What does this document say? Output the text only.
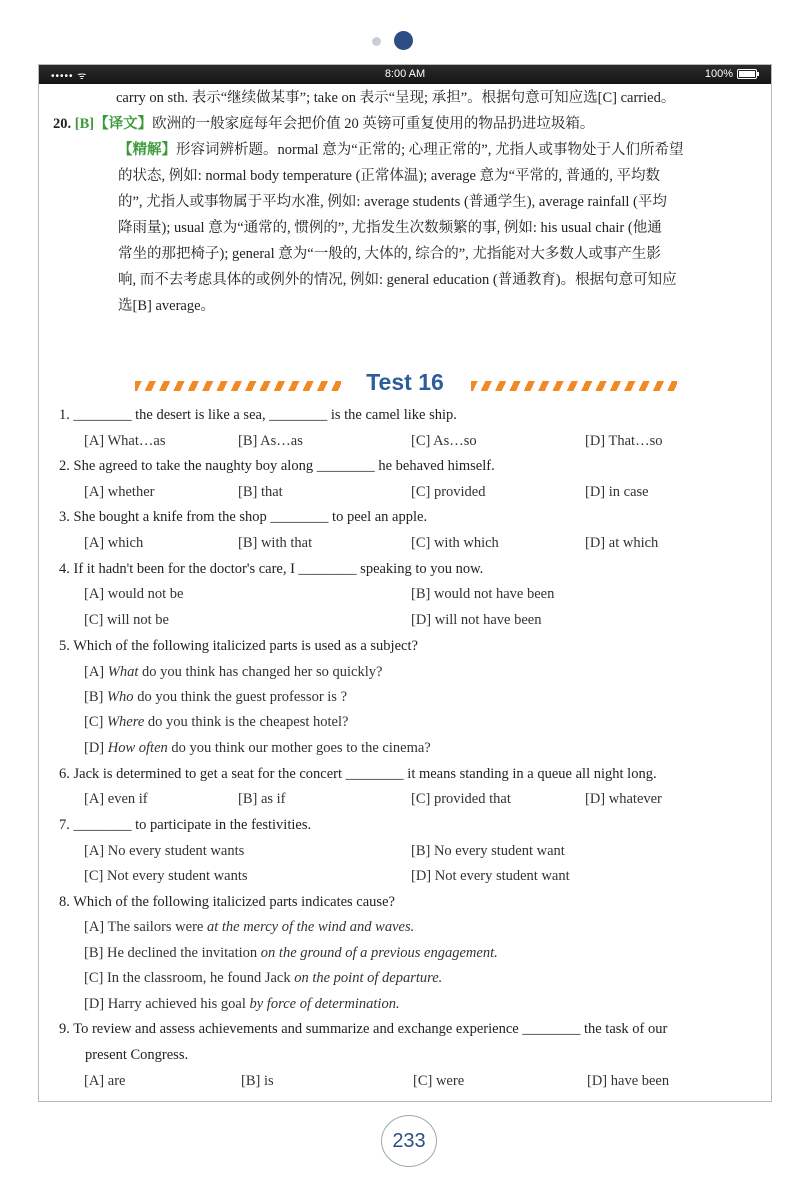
••••• ᯤ	8:00 AM	100%
carry on sth. 表示“继续做某事”; take on 表示“呈现; 承担”。根据句意可知应选[C] carried。
20. [B]【译文】欧洲的一般家庭每年会把价值 20 英镑可重复使用的物品扔进垃圾箱。
【精解】形容词辨析题。normal 意为“正常的; 心理正常的”, 尤指人或事物处于人们所希望
的状态, 例如: normal body temperature (正常体温); average 意为“平常的, 普通的, 平均数
的”, 尤指人或事物属于平均水准, 例如: average students (普通学生), average rainfall (平均
降雨量); usual 意为“通常的, 惯例的”, 尤指发生次数频繁的事, 例如: his usual chair (他通
常坐的那把椅子); general 意为“一般的, 大体的, 综合的”, 尤指能对大多数人或事产生影
响, 而不去考虑具体的或例外的情况, 例如: general education (普通教育)。根据句意可知应
选[B] average。
Test 16
1. ________ the desert is like a sea, ________ is the camel like ship.
[A] What…as	[B] As…as	[C] As…so	[D] That…so
2. She agreed to take the naughty boy along ________ he behaved himself.
[A] whether	[B] that	[C] provided	[D] in case
3. She bought a knife from the shop ________ to peel an apple.
[A] which	[B] with that	[C] with which	[D] at which
4. If it hadn't been for the doctor's care, I ________ speaking to you now.
[A] would not be	[B] would not have been
[C] will not be	[D] will not have been
5. Which of the following italicized parts is used as a subject?
[A] What do you think has changed her so quickly?
[B] Who do you think the guest professor is ?
[C] Where do you think is the cheapest hotel?
[D] How often do you think our mother goes to the cinema?
6. Jack is determined to get a seat for the concert ________ it means standing in a queue all night long.
[A] even if	[B] as if	[C] provided that	[D] whatever
7. ________ to participate in the festivities.
[A] No every student wants	[B] No every student want
[C] Not every student wants	[D] Not every student want
8. Which of the following italicized parts indicates cause?
[A] The sailors were at the mercy of the wind and waves.
[B] He declined the invitation on the ground of a previous engagement.
[C] In the classroom, he found Jack on the point of departure.
[D] Harry achieved his goal by force of determination.
9. To review and assess achievements and summarize and exchange experience ________ the task of our
present Congress.
[A] are	[B] is	[C] were	[D] have been
233
